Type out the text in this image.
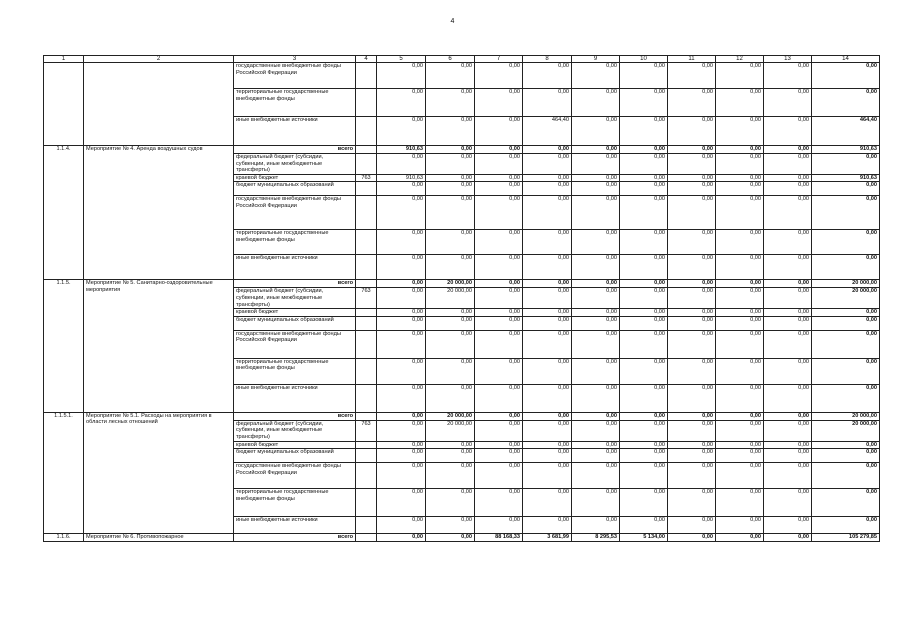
4
1	2	3	4	5	6	7	8	9	10	11	12	13	14
		государственные внебюджетные фонды Российской Федерации		0,00	0,00	0,00	0,00	0,00	0,00	0,00	0,00	0,00	0,00
		территориальные государственные внебюджетные фонды		0,00	0,00	0,00	0,00	0,00	0,00	0,00	0,00	0,00	0,00
		иные внебюджетные источники		0,00	0,00	0,00	464,40	0,00	0,00	0,00	0,00	0,00	464,40
1.1.4.	Мероприятие № 4. Аренда воздушных судов	всего		910,63	0,00	0,00	0,00	0,00	0,00	0,00	0,00	0,00	910,63
		федеральный бюджет (субсидии, субвенции, иные межбюджетные трансферты)		0,00	0,00	0,00	0,00	0,00	0,00	0,00	0,00	0,00	0,00
		краевой бюджет	763	910,63	0,00	0,00	0,00	0,00	0,00	0,00	0,00	0,00	910,63
		бюджет муниципальных образований		0,00	0,00	0,00	0,00	0,00	0,00	0,00	0,00	0,00	0,00
		государственные внебюджетные фонды Российской Федерации		0,00	0,00	0,00	0,00	0,00	0,00	0,00	0,00	0,00	0,00
		территориальные государственные внебюджетные фонды		0,00	0,00	0,00	0,00	0,00	0,00	0,00	0,00	0,00	0,00
		иные внебюджетные источники		0,00	0,00	0,00	0,00	0,00	0,00	0,00	0,00	0,00	0,00
1.1.5.	Мероприятие № 5. Санитарно-оздоровительные мероприятия	всего		0,00	20 000,00	0,00	0,00	0,00	0,00	0,00	0,00	0,00	20 000,00
		федеральный бюджет (субсидии, субвенции, иные межбюджетные трансферты)	763	0,00	20 000,00	0,00	0,00	0,00	0,00	0,00	0,00	0,00	20 000,00
		краевой бюджет		0,00	0,00	0,00	0,00	0,00	0,00	0,00	0,00	0,00	0,00
		бюджет муниципальных образований		0,00	0,00	0,00	0,00	0,00	0,00	0,00	0,00	0,00	0,00
		государственные внебюджетные фонды Российской Федерации		0,00	0,00	0,00	0,00	0,00	0,00	0,00	0,00	0,00	0,00
		территориальные государственные внебюджетные фонды		0,00	0,00	0,00	0,00	0,00	0,00	0,00	0,00	0,00	0,00
		иные внебюджетные источники		0,00	0,00	0,00	0,00	0,00	0,00	0,00	0,00	0,00	0,00
1.1.5.1.	Мероприятие № 5.1. Расходы на мероприятия в области лесных отношений	всего		0,00	20 000,00	0,00	0,00	0,00	0,00	0,00	0,00	0,00	20 000,00
		федеральный бюджет (субсидии, субвенции, иные межбюджетные трансферты)	763	0,00	20 000,00	0,00	0,00	0,00	0,00	0,00	0,00	0,00	20 000,00
		краевой бюджет		0,00	0,00	0,00	0,00	0,00	0,00	0,00	0,00	0,00	0,00
		бюджет муниципальных образований		0,00	0,00	0,00	0,00	0,00	0,00	0,00	0,00	0,00	0,00
		государственные внебюджетные фонды Российской Федерации		0,00	0,00	0,00	0,00	0,00	0,00	0,00	0,00	0,00	0,00
		территориальные государственные внебюджетные фонды		0,00	0,00	0,00	0,00	0,00	0,00	0,00	0,00	0,00	0,00
		иные внебюджетные источники		0,00	0,00	0,00	0,00	0,00	0,00	0,00	0,00	0,00	0,00
1.1.6.	Мероприятие № 6. Противопожарное	всего		0,00	0,00	88 168,33	3 681,99	8 295,53	5 134,00	0,00	0,00	0,00	105 279,85
